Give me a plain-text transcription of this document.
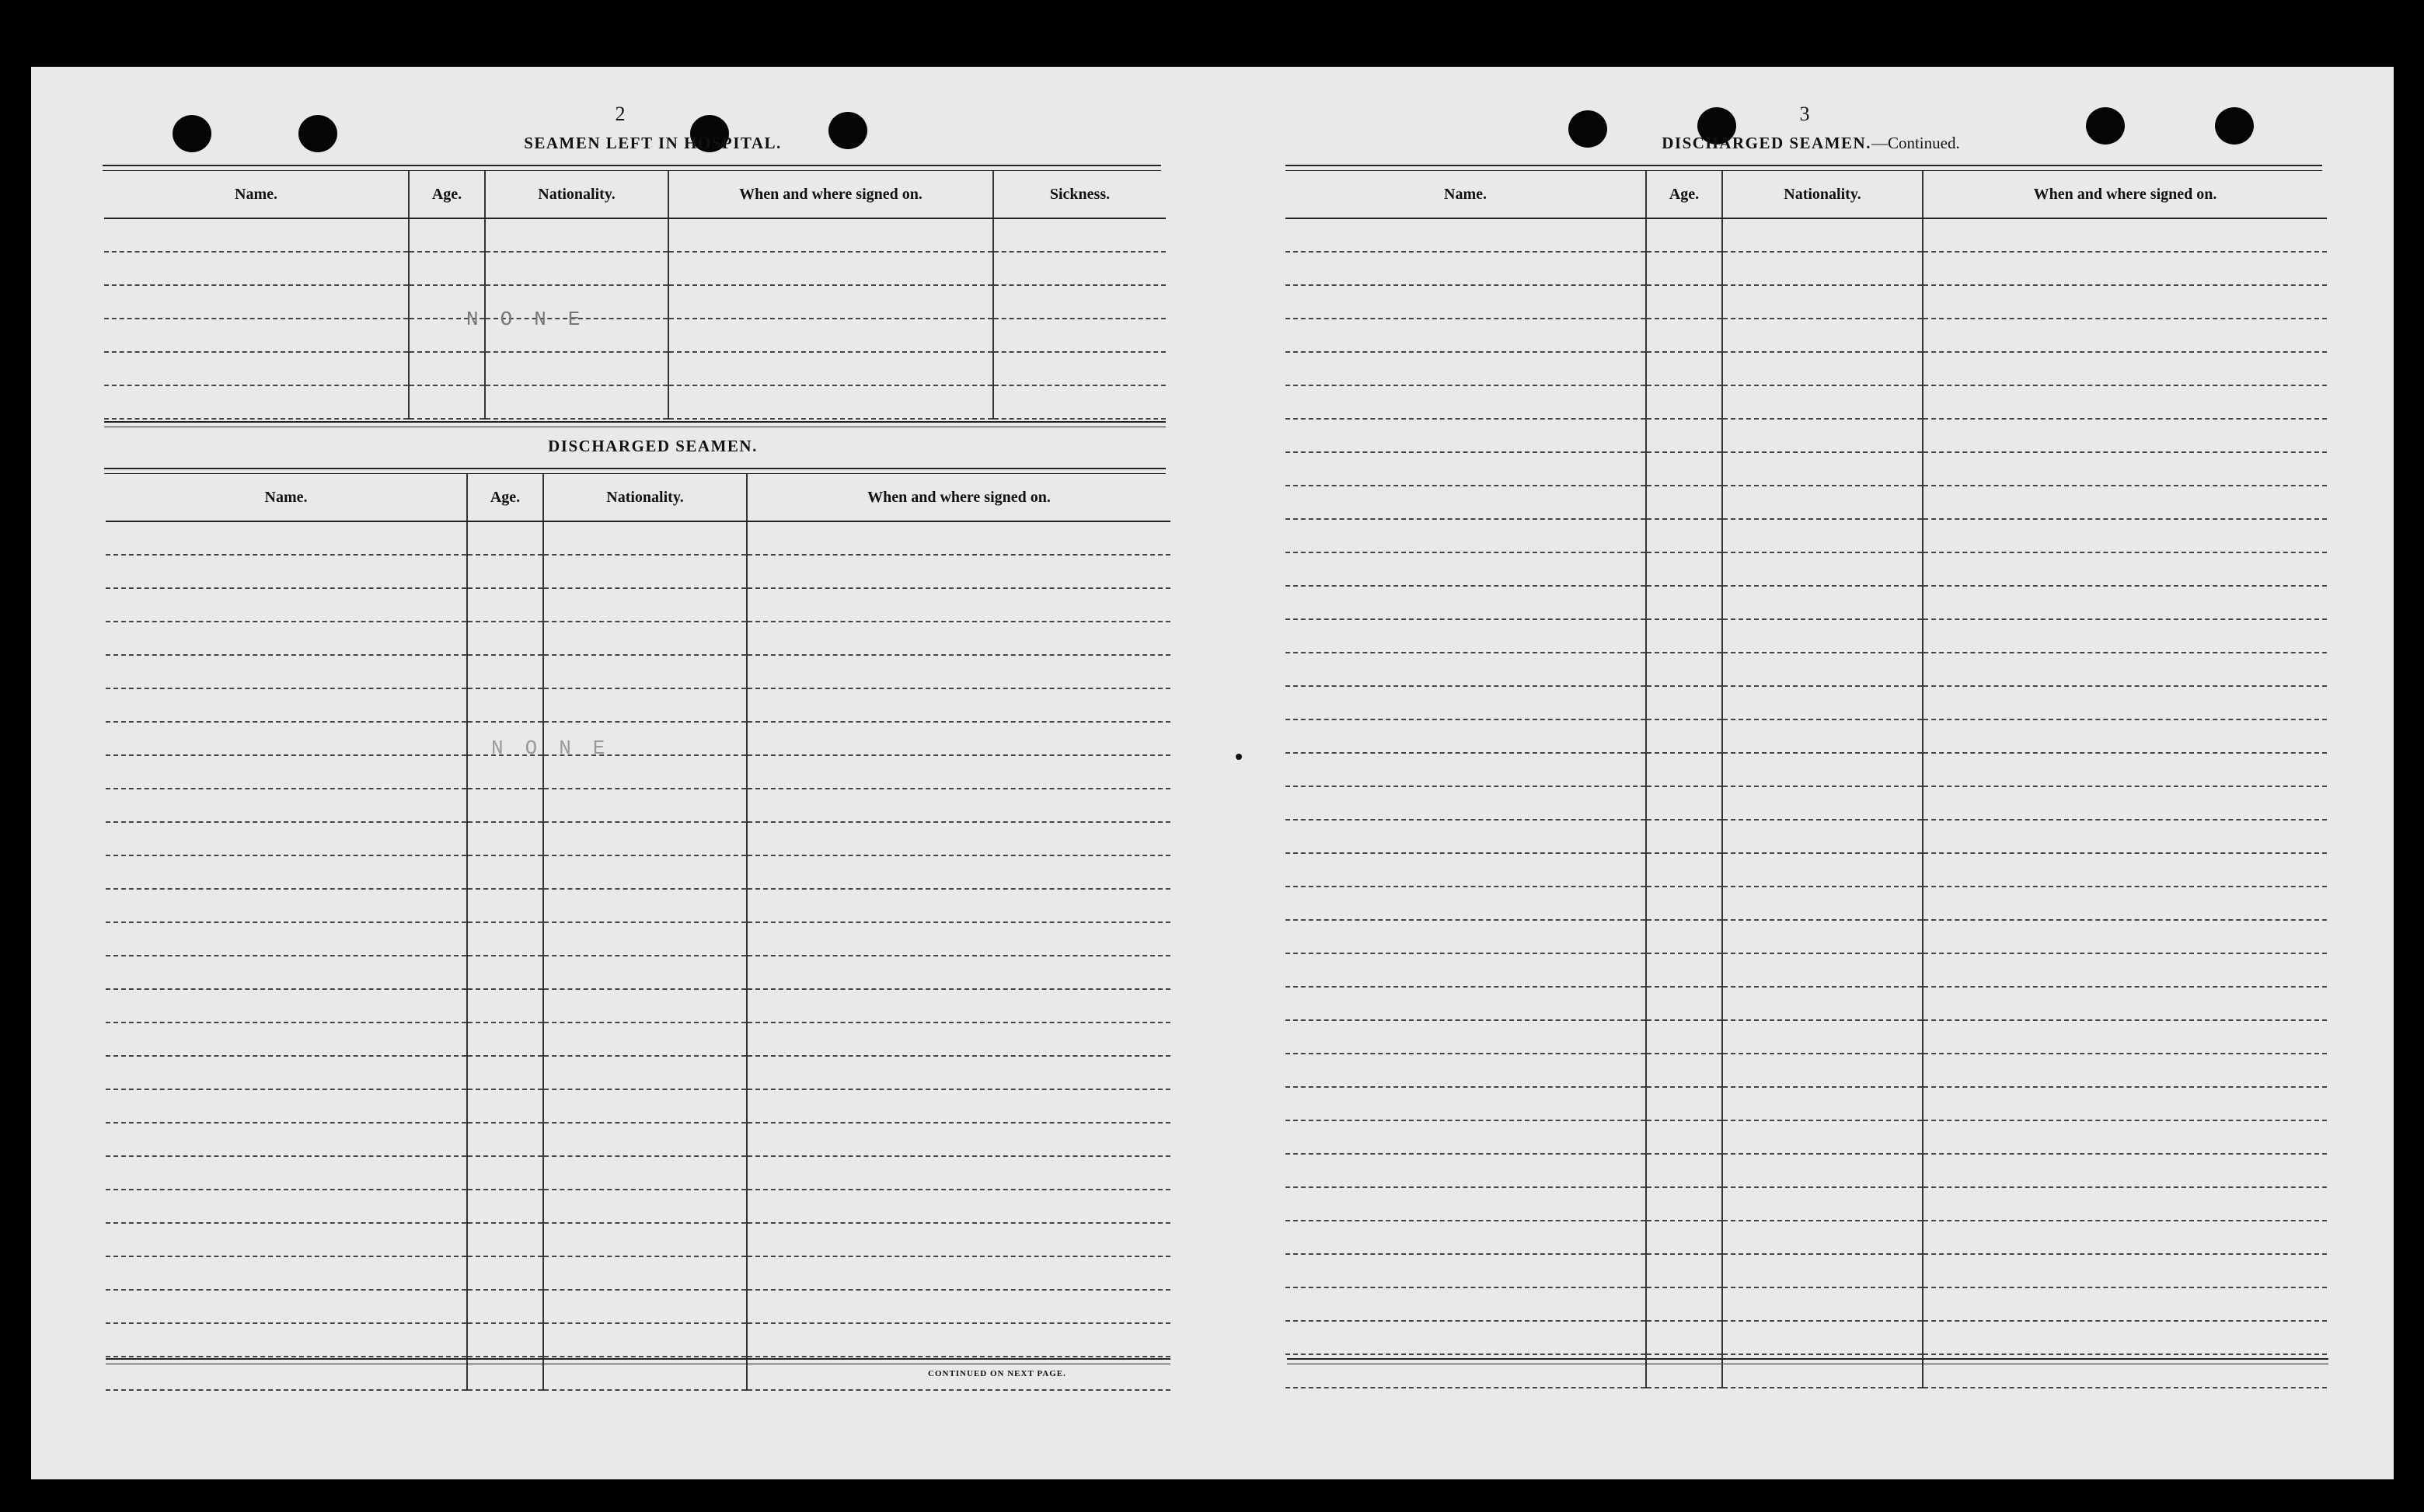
2
SEAMEN LEFT IN HOSPITAL.
Name.	Age.	Nationality.	When and where signed on.	Sickness.

NONE
DISCHARGED SEAMEN.
Name.	Age.	Nationality.	When and where signed on.

NONE
CONTINUED ON NEXT PAGE.
3
DISCHARGED SEAMEN.—Continued.
Name.	Age.	Nationality.	When and where signed on.
